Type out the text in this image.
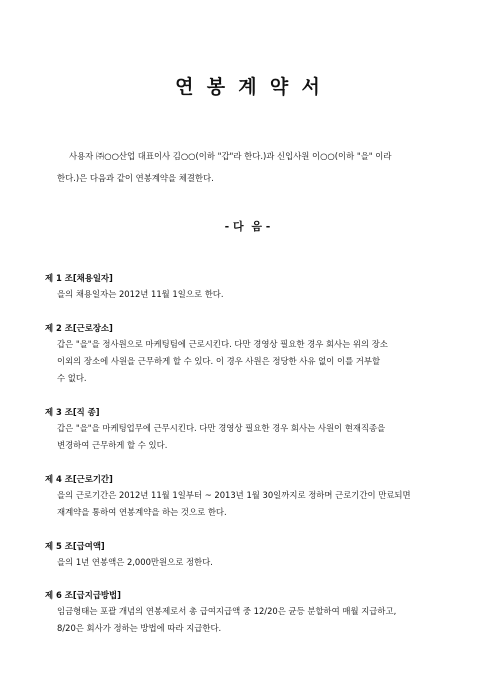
연  봉  계  약  서
사용자 ㈜○○산업 대표이사 김○○(이하 "갑"라 한다.)과 신입사원 이○○(이하 "을" 이라
한다.)은 다음과 같이 연봉계약을 체결한다.
- 다  음 -
제 1 조[채용일자]

을의 채용일자는 2012년 11월 1일으로 한다.

제 2 조[근로장소]

갑은 "을"을 정사원으로 마케팅팀에 근로시킨다. 다만 경영상 필요한 경우 회사는 위의 장소

이외의 장소에 사원을 근무하게 할 수 있다. 이 경우 사원은 정당한 사유 없이 이를 거부할

수 없다.

제 3 조[직 종]

갑은 "을"을 마케팅업무에 근무시킨다. 다만 경영상 필요한 경우 회사는 사원이 현재직종을

변경하여 근무하게 할 수 있다.

제 4 조[근로기간]

을의 근로기간은 2012년 11월 1일부터 ~ 2013년 1월 30일까지로 정하며 근로기간이 만료되면

재계약을 통하여 연봉계약을 하는 것으로 한다.

제 5 조[급여액]

을의 1년 연봉액은 2,000만원으로 정한다.

제 6 조[급지급방법]

임금형태는 포괄 개념의 연봉제로서 총 급여지급액 중 12/20은 균등 분할하여 매월 지급하고,

8/20은 회사가 정하는 방법에 따라 지급한다.
